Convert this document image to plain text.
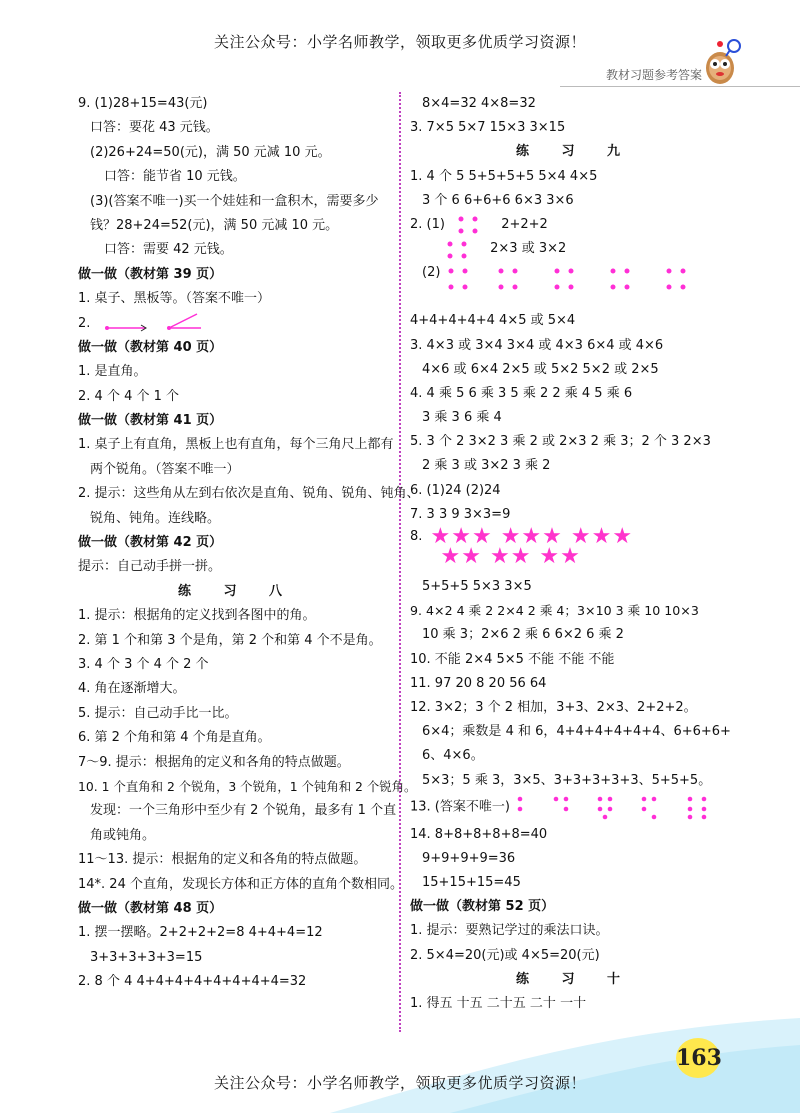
关注公众号：小学名师教学，领取更多优质学习资源！
教材习题参考答案
9. (1)28+15=43(元)
口答：要花 43 元钱。
(2)26+24=50(元)，满 50 元减 10 元。
口答：能节省 10 元钱。
(3)(答案不唯一)买一个娃娃和一盒积木，需要多少
钱？28+24=52(元)，满 50 元减 10 元。
口答：需要 42 元钱。
做一做（教材第 39 页）
1. 桌子、黑板等。（答案不唯一）
2.
做一做（教材第 40 页）
1. 是直角。
2. 4 个 4 个 1 个
做一做（教材第 41 页）
1. 桌子上有直角，黑板上也有直角，每个三角尺上都有
两个锐角。（答案不唯一）
2. 提示：这些角从左到右依次是直角、锐角、锐角、钝角、
锐角、钝角。连线略。
做一做（教材第 42 页）
提示：自己动手拼一拼。
练 习 八
1. 提示：根据角的定义找到各图中的角。
2. 第 1 个和第 3 个是角，第 2 个和第 4 个不是角。
3. 4 个 3 个 4 个 2 个
4. 角在逐渐增大。
5. 提示：自己动手比一比。
6. 第 2 个角和第 4 个角是直角。
7～9. 提示：根据角的定义和各角的特点做题。
10. 1 个直角和 2 个锐角，3 个锐角，1 个钝角和 2 个锐角。
发现：一个三角形中至少有 2 个锐角，最多有 1 个直
角或钝角。
11～13. 提示：根据角的定义和各角的特点做题。
14*. 24 个直角，发现长方体和正方体的直角个数相同。
做一做（教材第 48 页）
1. 摆一摆略。2+2+2+2=8 4+4+4=12
3+3+3+3+3=15
2. 8 个 4 4+4+4+4+4+4+4+4=32
8×4=32 4×8=32
3. 7×5 5×7 15×3 3×15
练 习 九
1. 4 个 5 5+5+5+5 5×4 4×5
3 个 6 6+6+6 6×3 3×6
2. (1)	2+2+2
2×3 或 3×2
(2)
4+4+4+4+4 4×5 或 5×4
3. 4×3 或 3×4 3×4 或 4×3 6×4 或 4×6
4×6 或 6×4 2×5 或 5×2 5×2 或 2×5
4. 4 乘 5 6 乘 3 5 乘 2 2 乘 4 5 乘 6
3 乘 3 6 乘 4
5. 3 个 2 3×2 3 乘 2 或 2×3 2 乘 3；2 个 3 2×3
2 乘 3 或 3×2 3 乘 2
6. (1)24 (2)24
7. 3 3 9 3×3=9
8. ★★★ ★★★ ★★★
★★ ★★ ★★
5+5+5 5×3 3×5
9. 4×2 4 乘 2 2×4 2 乘 4；3×10 3 乘 10 10×3
10 乘 3；2×6 2 乘 6 6×2 6 乘 2
10. 不能 2×4 5×5 不能 不能 不能
11. 97 20 8 20 56 64
12. 3×2；3 个 2 相加，3+3、2×3、2+2+2。
6×4；乘数是 4 和 6，4+4+4+4+4+4、6+6+6+
6、4×6。
5×3；5 乘 3，3×5、3+3+3+3+3、5+5+5。
13. (答案不唯一)
14. 8+8+8+8+8=40
9+9+9+9=36
15+15+15=45
做一做（教材第 52 页）
1. 提示：要熟记学过的乘法口诀。
2. 5×4=20(元)或 4×5=20(元)
练 习 十
1. 得五 十五 二十五 二十 一十
163
关注公众号：小学名师教学，领取更多优质学习资源！
